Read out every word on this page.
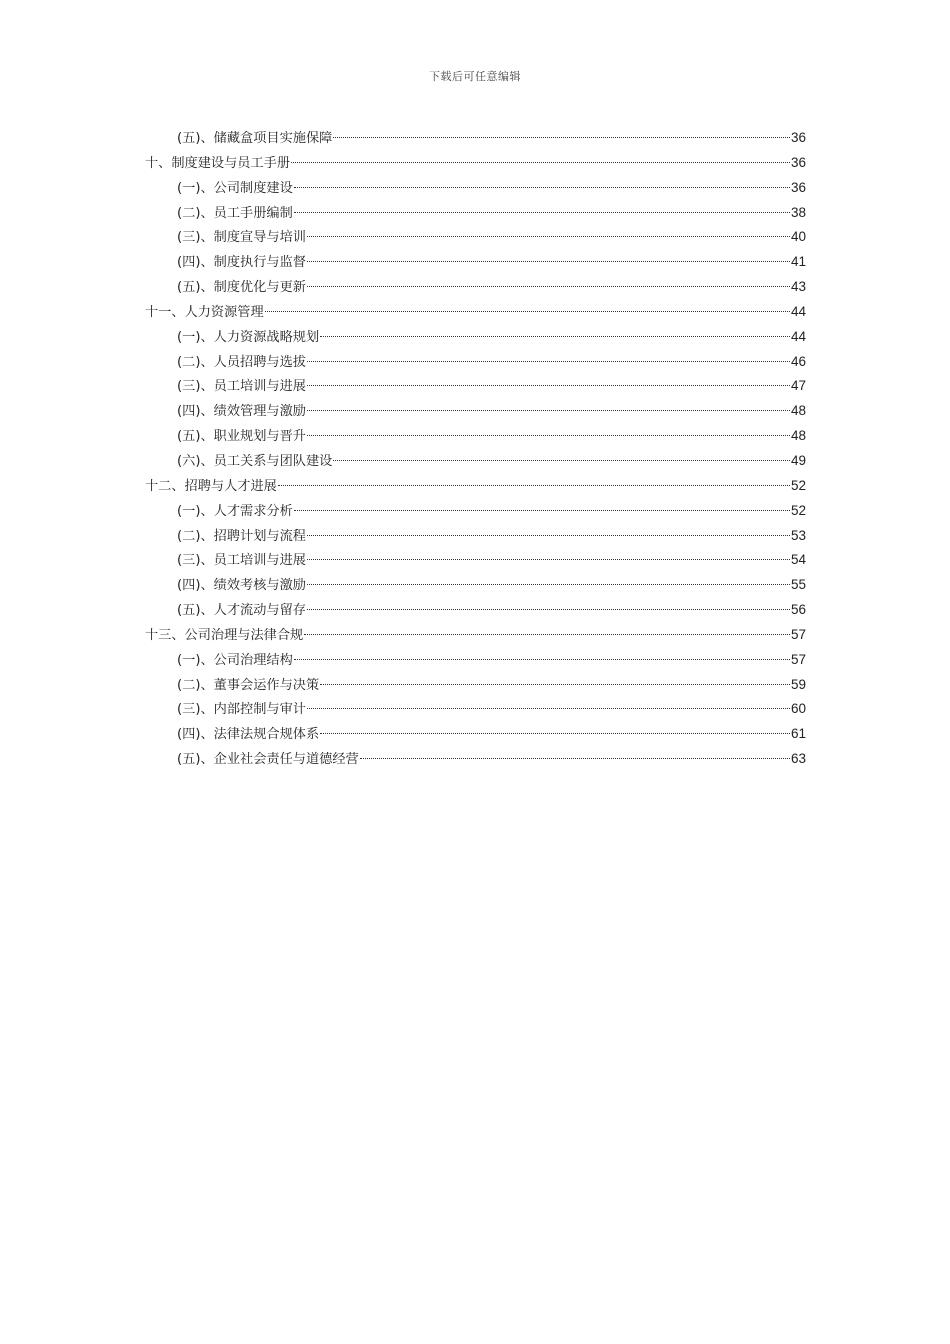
下载后可任意编辑
(五)、储藏盒项目实施保障	36
十、制度建设与员工手册	36
(一)、公司制度建设	36
(二)、员工手册编制	38
(三)、制度宣导与培训	40
(四)、制度执行与监督	41
(五)、制度优化与更新	43
十一、人力资源管理	44
(一)、人力资源战略规划	44
(二)、人员招聘与选拔	46
(三)、员工培训与进展	47
(四)、绩效管理与激励	48
(五)、职业规划与晋升	48
(六)、员工关系与团队建设	49
十二、招聘与人才进展	52
(一)、人才需求分析	52
(二)、招聘计划与流程	53
(三)、员工培训与进展	54
(四)、绩效考核与激励	55
(五)、人才流动与留存	56
十三、公司治理与法律合规	57
(一)、公司治理结构	57
(二)、董事会运作与决策	59
(三)、内部控制与审计	60
(四)、法律法规合规体系	61
(五)、企业社会责任与道德经营	63
